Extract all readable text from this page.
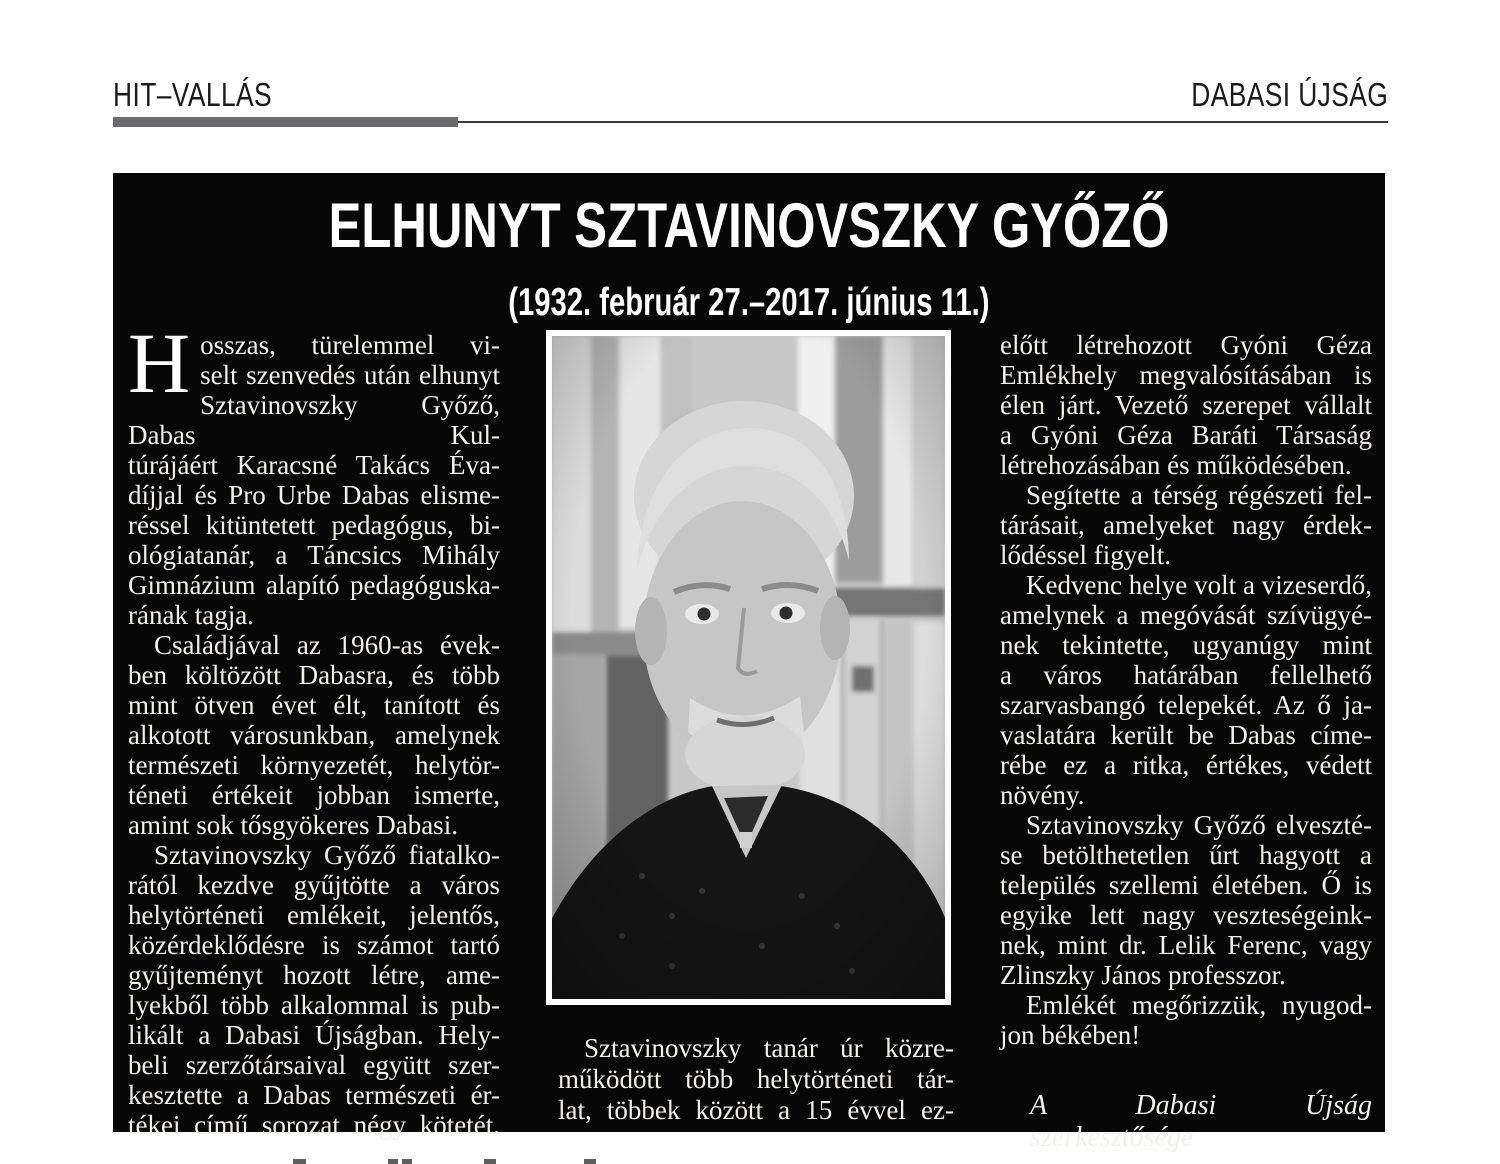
HIT–VALLÁS	DABASI ÚJSÁG
ELHUNYT SZTAVINOVSZKY GYŐZŐ
(1932. február 27.–2017. június 11.)
H osszas, türelemmel vi-
selt szenvedés után elhunyt
Sztavinovszky Győző, Dabas Kul-
túrájáért Karacsné Takács Éva-
díjjal és Pro Urbe Dabas elisme-
réssel kitüntetett pedagógus, bi-
ológiatanár, a Táncsics Mihály
Gimnázium alapító pedagóguska-
rának tagja.
Családjával az 1960-as évek-
ben költözött Dabasra, és több
mint ötven évet élt, tanított és
alkotott városunkban, amelynek
természeti környezetét, helytör-
téneti értékeit jobban ismerte,
amint sok tősgyökeres Dabasi.
Sztavinovszky Győző fiatalko-
rától kezdve gyűjtötte a város
helytörténeti emlékeit, jelentős,
közérdeklődésre is számot tartó
gyűjteményt hozott létre, ame-
lyekből több alkalommal is pub-
likált a Dabasi Újságban. Hely-
beli szerzőtársaival együtt szer-
kesztette a Dabas természeti ér-
tékei című sorozat négy kötetét.
Sztavinovszky tanár úr közre-
működött több helytörténeti tár-
lat, többek között a 15 évvel ez-
előtt létrehozott Gyóni Géza
Emlékhely megvalósításában is
élen járt. Vezető szerepet vállalt
a Gyóni Géza Baráti Társaság
létrehozásában és működésében.
Segítette a térség régészeti fel-
tárásait, amelyeket nagy érdek-
lődéssel figyelt.
Kedvenc helye volt a vizeserdő,
amelynek a megóvását szívügyé-
nek tekintette, ugyanúgy mint
a város határában fellelhető
szarvasbangó telepekét. Az ő ja-
vaslatára került be Dabas címe-
rébe ez a ritka, értékes, védett
növény.
Sztavinovszky Győző elveszté-
se betölthetetlen űrt hagyott a
település szellemi életében. Ő is
egyike lett nagy veszteségeink-
nek, mint dr. Lelik Ferenc, vagy
Zlinszky János professzor.
Emlékét megőrizzük, nyugod-
jon békében!
A Dabasi Újság szerkesztősége
